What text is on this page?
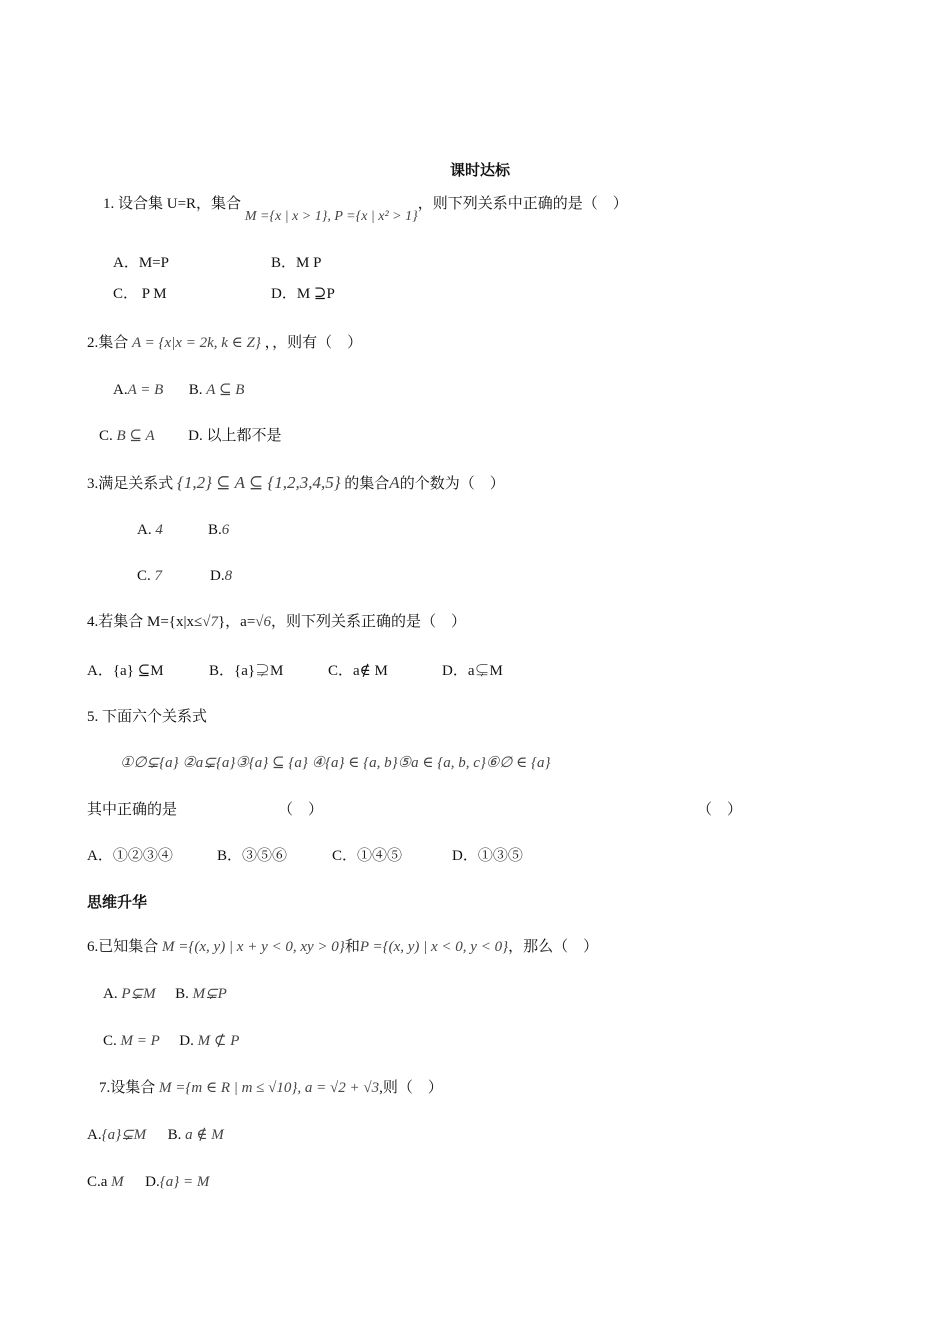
课时达标
1. 设合集 U=R，集合 M ={x | x > 1}, P ={x | x² > 1}，则下列关系中正确的是（　）
A．M=P	B．M P
C． P M	D．M ⊇P
2.集合 A = {x|x = 2k, k ∈ Z} ，，则有（　）
A.A = B B. A ⊆ B
C. B ⊆ A D. 以上都不是
3.满足关系式 {1,2} ⊆ A ⊆ {1,2,3,4,5} 的集合A的个数为（　）
A. 4	B.6
C. 7	D.8
4.若集合 M={x|x≤√7}，a=√6，则下列关系正确的是（　）
A．{a} ⊆M	B．{a}⊋M	C．a∉ M	D．a⊊M
5. 下面六个关系式
①∅⊊{a} ②a⊊{a}③{a} ⊆ {a} ④{a} ∈ {a, b}⑤a ∈ {a, b, c}⑥∅ ∈ {a}
其中正确的是	（　）	（　）
A．①②③④	B．③⑤⑥	C．①④⑤	D．①③⑤
思维升华
6.已知集合 M ={(x, y) | x + y < 0, xy > 0}和P ={(x, y) | x < 0, y < 0}，那么（　）
A. P⊊M B. M⊊P
C. M = P D. M ⊄ P
7.设集合 M ={m ∈ R | m ≤ √10}, a = √2 + √3,则（　）
A.{a}⊊M B. a ∉ M
C.a M D.{a} = M
